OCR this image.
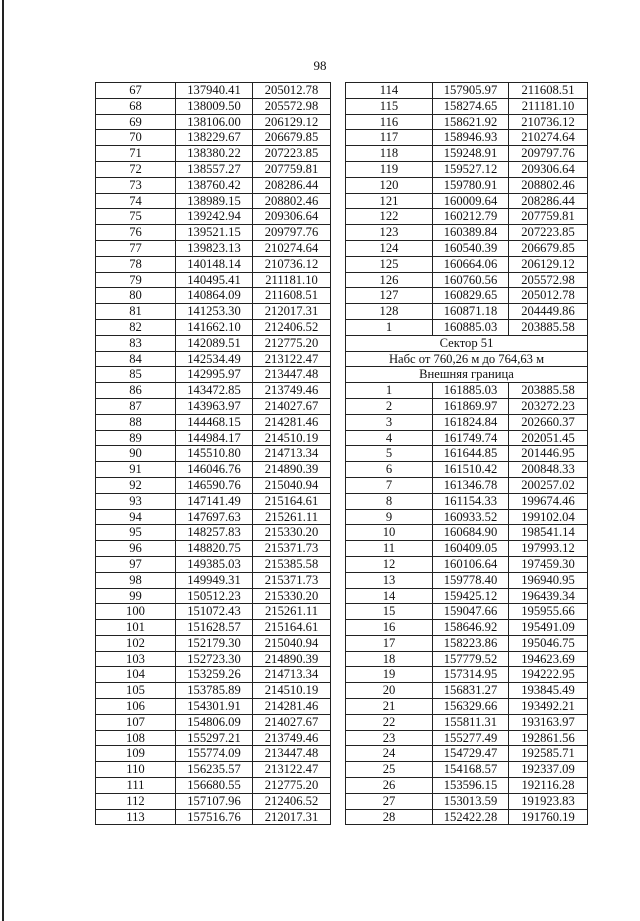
98
67	137940.41	205012.78
68	138009.50	205572.98
69	138106.00	206129.12
70	138229.67	206679.85
71	138380.22	207223.85
72	138557.27	207759.81
73	138760.42	208286.44
74	138989.15	208802.46
75	139242.94	209306.64
76	139521.15	209797.76
77	139823.13	210274.64
78	140148.14	210736.12
79	140495.41	211181.10
80	140864.09	211608.51
81	141253.30	212017.31
82	141662.10	212406.52
83	142089.51	212775.20
84	142534.49	213122.47
85	142995.97	213447.48
86	143472.85	213749.46
87	143963.97	214027.67
88	144468.15	214281.46
89	144984.17	214510.19
90	145510.80	214713.34
91	146046.76	214890.39
92	146590.76	215040.94
93	147141.49	215164.61
94	147697.63	215261.11
95	148257.83	215330.20
96	148820.75	215371.73
97	149385.03	215385.58
98	149949.31	215371.73
99	150512.23	215330.20
100	151072.43	215261.11
101	151628.57	215164.61
102	152179.30	215040.94
103	152723.30	214890.39
104	153259.26	214713.34
105	153785.89	214510.19
106	154301.91	214281.46
107	154806.09	214027.67
108	155297.21	213749.46
109	155774.09	213447.48
110	156235.57	213122.47
111	156680.55	212775.20
112	157107.96	212406.52
113	157516.76	212017.31
114	157905.97	211608.51
115	158274.65	211181.10
116	158621.92	210736.12
117	158946.93	210274.64
118	159248.91	209797.76
119	159527.12	209306.64
120	159780.91	208802.46
121	160009.64	208286.44
122	160212.79	207759.81
123	160389.84	207223.85
124	160540.39	206679.85
125	160664.06	206129.12
126	160760.56	205572.98
127	160829.65	205012.78
128	160871.18	204449.86
1	160885.03	203885.58
Сектор 51		
Набс от 760,26 м до 764,63 м		
Внешняя граница		
1	161885.03	203885.58
2	161869.97	203272.23
3	161824.84	202660.37
4	161749.74	202051.45
5	161644.85	201446.95
6	161510.42	200848.33
7	161346.78	200257.02
8	161154.33	199674.46
9	160933.52	199102.04
10	160684.90	198541.14
11	160409.05	197993.12
12	160106.64	197459.30
13	159778.40	196940.95
14	159425.12	196439.34
15	159047.66	195955.66
16	158646.92	195491.09
17	158223.86	195046.75
18	157779.52	194623.69
19	157314.95	194222.95
20	156831.27	193845.49
21	156329.66	193492.21
22	155811.31	193163.97
23	155277.49	192861.56
24	154729.47	192585.71
25	154168.57	192337.09
26	153596.15	192116.28
27	153013.59	191923.83
28	152422.28	191760.19
